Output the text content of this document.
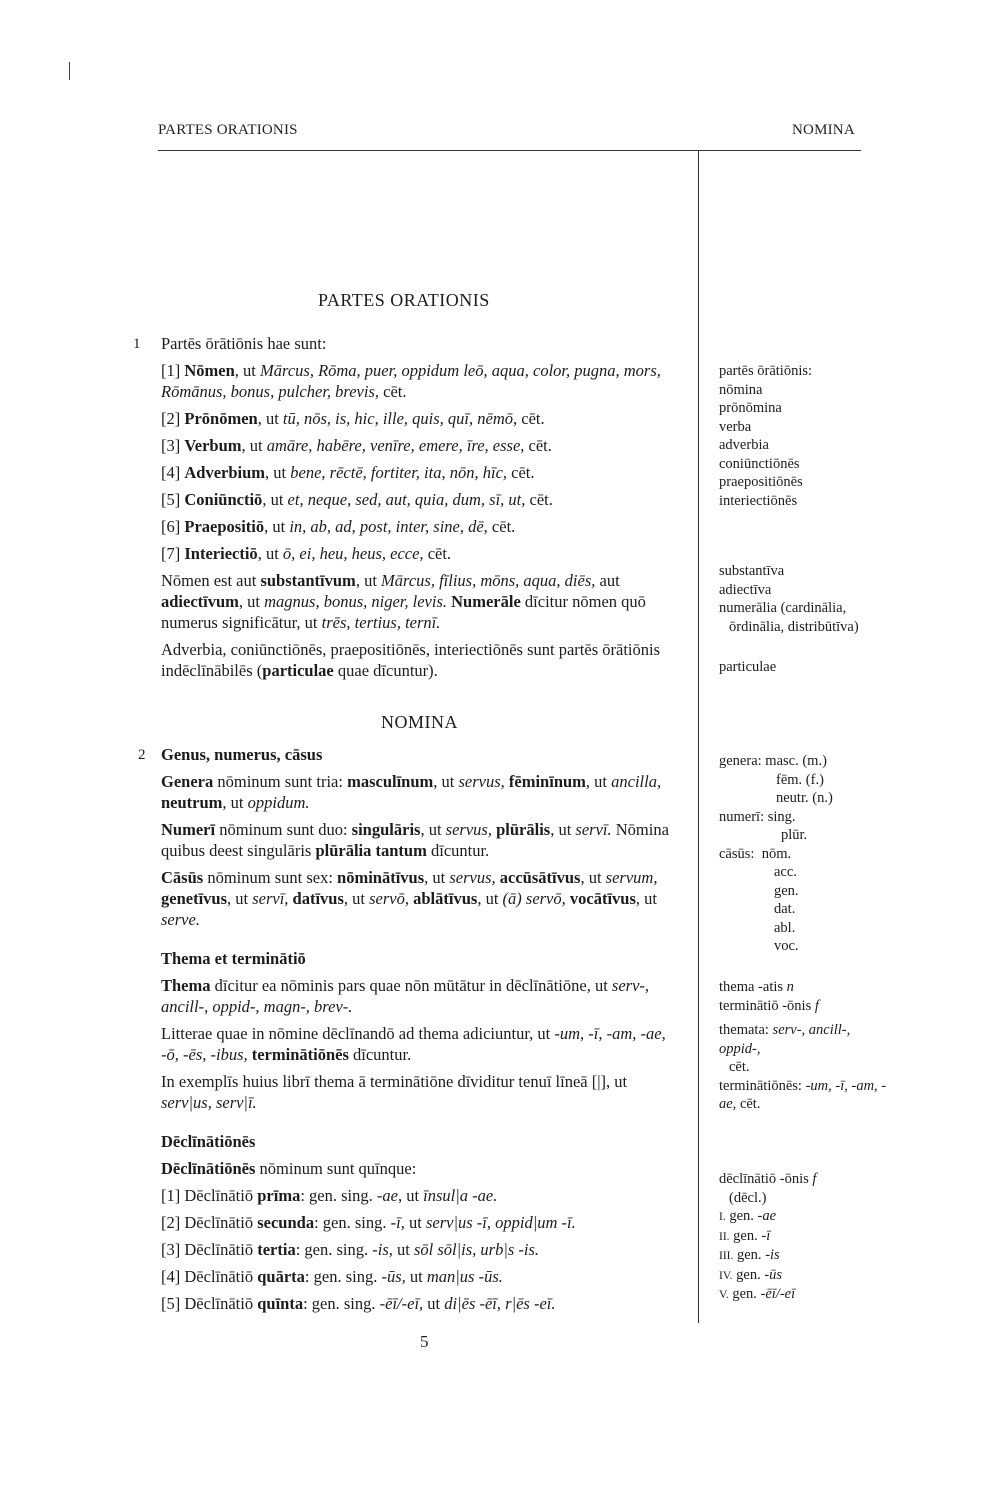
PARTES ORATIONIS	NOMINA
PARTES ORATIONIS
1 Partēs ōrātiōnis hae sunt:

[1] Nōmen, ut Mārcus, Rōma, puer, oppidum leō, aqua, color, pugna, mors, Rōmānus, bonus, pulcher, brevis, cēt.

[2] Prōnōmen, ut tū, nōs, is, hic, ille, quis, quī, nēmō, cēt.

[3] Verbum, ut amāre, habēre, venīre, emere, īre, esse, cēt.

[4] Adverbium, ut bene, rēctē, fortiter, ita, nōn, hīc, cēt.

[5] Coniūnctiō, ut et, neque, sed, aut, quia, dum, sī, ut, cēt.

[6] Praepositiō, ut in, ab, ad, post, inter, sine, dē, cēt.

[7] Interiectiō, ut ō, ei, heu, heus, ecce, cēt.

Nōmen est aut substantīvum, ut Mārcus, fīlius, mōns, aqua, diēs, aut adiectīvum, ut magnus, bonus, niger, levis. Numerāle dīcitur nōmen quō numerus significātur, ut trēs, tertius, ternī.

Adverbia, coniūnctiōnēs, praepositiōnēs, interiectiōnēs sunt partēs ōrātiōnis indēclīnābilēs (particulae quae dīcuntur).

NOMINA
2 Genus, numerus, cāsus

Genera nōminum sunt tria: masculīnum, ut servus, fēminīnum, ut ancilla, neutrum, ut oppidum.

Numerī nōminum sunt duo: singulāris, ut servus, plūrālis, ut servī. Nōmina quibus deest singulāris plūrālia tantum dīcuntur.

Cāsūs nōminum sunt sex: nōminātīvus, ut servus, accūsātīvus, ut servum, genetīvus, ut servī, datīvus, ut servō, ablātīvus, ut (ā) servō, vocātīvus, ut serve.

Thema et terminātiō

Thema dīcitur ea nōminis pars quae nōn mūtātur in dēclīnātiōne, ut serv-, ancill-, oppid-, magn-, brev-.

Litterae quae in nōmine dēclīnandō ad thema adiciuntur, ut -um, -ī, -am, -ae, -ō, -ēs, -ibus, terminātiōnēs dīcuntur.

In exemplīs huius librī thema ā terminātiōne dīviditur tenuī līneā [|], ut serv|us, serv|ī.

Dēclīnātiōnēs

Dēclīnātiōnēs nōminum sunt quīnque:

[1] Dēclīnātiō prīma: gen. sing. -ae, ut īnsul|a -ae.

[2] Dēclīnātiō secunda: gen. sing. -ī, ut serv|us -ī, oppid|um -ī.

[3] Dēclīnātiō tertia: gen. sing. -is, ut sōl sōl|is, urb|s -is.

[4] Dēclīnātiō quārta: gen. sing. -ūs, ut man|us -ūs.

[5] Dēclīnātiō quīnta: gen. sing. -ēī/-eī, ut di|ēs -ēī, r|ēs -eī.

5
partēs ōrātiōnis:
nōmina
prōnōmina
verba
adverbia
coniūnctiōnēs
praepositiōnēs
interiectiōnēs
substantīva
adiectīva
numerālia (cardinālia,
ōrdinālia, distribūtīva)
particulae
genera: masc. (m.)
fēm. (f.)
neutr. (n.)
numerī: sing.
plūr.
cāsūs: nōm.
acc.
gen.
dat.
abl.
voc.
thema -atis n
terminātiō -ōnis f
themata: serv-, ancill-, oppid-,
cēt.
terminātiōnēs: -um, -ī, -am, -ae, cēt.
dēclīnātiō -ōnis f
(dēcl.)
I. gen. -ae
II. gen. -ī
III. gen. -is
IV. gen. -ūs
V. gen. -ēī/-eī
